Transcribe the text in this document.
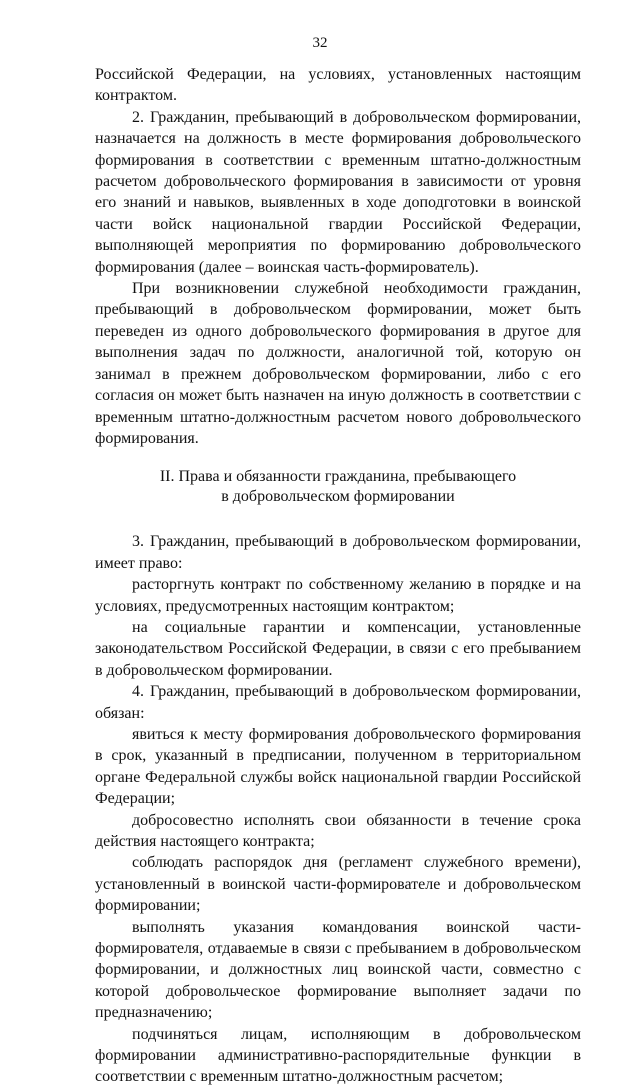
32

Российской Федерации, на условиях, установленных настоящим контрактом.

2. Гражданин, пребывающий в добровольческом формировании, назначается на должность в месте формирования добровольческого формирования в соответствии с временным штатно-должностным расчетом добровольческого формирования в зависимости от уровня его знаний и навыков, выявленных в ходе доподготовки в воинской части войск национальной гвардии Российской Федерации, выполняющей мероприятия по формированию добровольческого формирования (далее – воинская часть-формирователь).

При возникновении служебной необходимости гражданин, пребывающий в добровольческом формировании, может быть переведен из одного добровольческого формирования в другое для выполнения задач по должности, аналогичной той, которую он занимал в прежнем добровольческом формировании, либо с его согласия он может быть назначен на иную должность в соответствии с временным штатно-должностным расчетом нового добровольческого формирования.

II. Права и обязанности гражданина, пребывающего
в добровольческом формировании

3. Гражданин, пребывающий в добровольческом формировании, имеет право:

расторгнуть контракт по собственному желанию в порядке и на условиях, предусмотренных настоящим контрактом;

на социальные гарантии и компенсации, установленные законодательством Российской Федерации, в связи с его пребыванием в добровольческом формировании.

4. Гражданин, пребывающий в добровольческом формировании, обязан:

явиться к месту формирования добровольческого формирования в срок, указанный в предписании, полученном в территориальном органе Федеральной службы войск национальной гвардии Российской Федерации;

добросовестно исполнять свои обязанности в течение срока действия настоящего контракта;

соблюдать распорядок дня (регламент служебного времени), установленный в воинской части-формирователе и добровольческом формировании;

выполнять указания командования воинской части-формирователя, отдаваемые в связи с пребыванием в добровольческом формировании, и должностных лиц воинской части, совместно с которой добровольческое формирование выполняет задачи по предназначению;

подчиняться лицам, исполняющим в добровольческом формировании административно-распорядительные функции в соответствии с временным штатно-должностным расчетом;
